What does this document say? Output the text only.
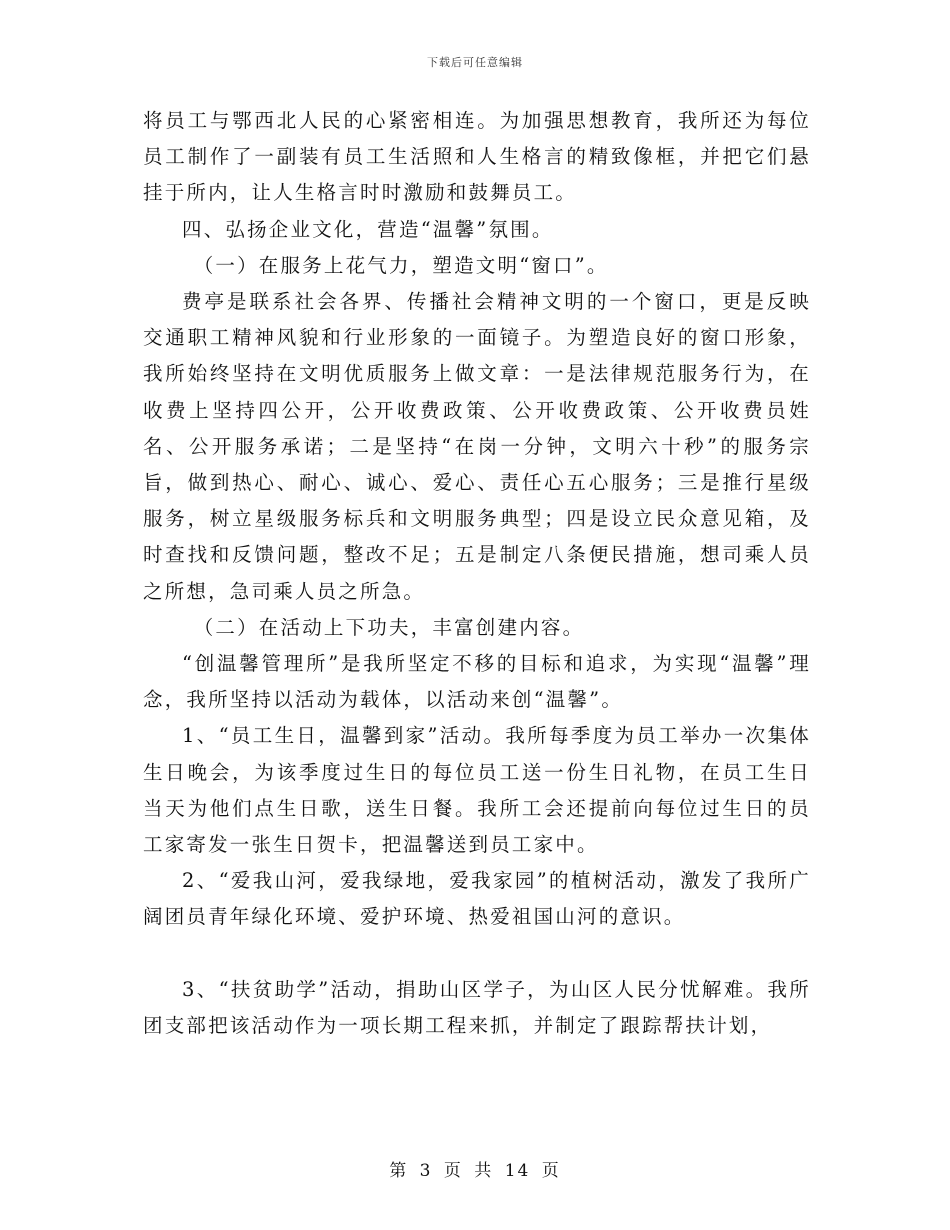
下载后可任意编辑

将员工与鄂西北人民的心紧密相连。为加强思想教育，我所还为每位员工制作了一副装有员工生活照和人生格言的精致像框，并把它们悬挂于所内，让人生格言时时激励和鼓舞员工。

四、弘扬企业文化，营造“温馨”氛围。

（一）在服务上花气力，塑造文明“窗口”。

费亭是联系社会各界、传播社会精神文明的一个窗口，更是反映交通职工精神风貌和行业形象的一面镜子。为塑造良好的窗口形象，我所始终坚持在文明优质服务上做文章：一是法律规范服务行为，在收费上坚持四公开，公开收费政策、公开收费政策、公开收费员姓名、公开服务承诺；二是坚持“在岗一分钟，文明六十秒”的服务宗旨，做到热心、耐心、诚心、爱心、责任心五心服务；三是推行星级服务，树立星级服务标兵和文明服务典型；四是设立民众意见箱，及时查找和反馈问题，整改不足；五是制定八条便民措施，想司乘人员之所想，急司乘人员之所急。

（二）在活动上下功夫，丰富创建内容。

“创温馨管理所”是我所坚定不移的目标和追求，为实现“温馨”理念，我所坚持以活动为载体，以活动来创“温馨”。

1、“员工生日，温馨到家”活动。我所每季度为员工举办一次集体生日晚会，为该季度过生日的每位员工送一份生日礼物，在员工生日当天为他们点生日歌，送生日餐。我所工会还提前向每位过生日的员工家寄发一张生日贺卡，把温馨送到员工家中。

2、“爱我山河，爱我绿地，爱我家园”的植树活动，激发了我所广阔团员青年绿化环境、爱护环境、热爱祖国山河的意识。

3、“扶贫助学”活动，捐助山区学子，为山区人民分忧解难。我所团支部把该活动作为一项长期工程来抓，并制定了跟踪帮扶计划，

第 3 页 共 14 页
